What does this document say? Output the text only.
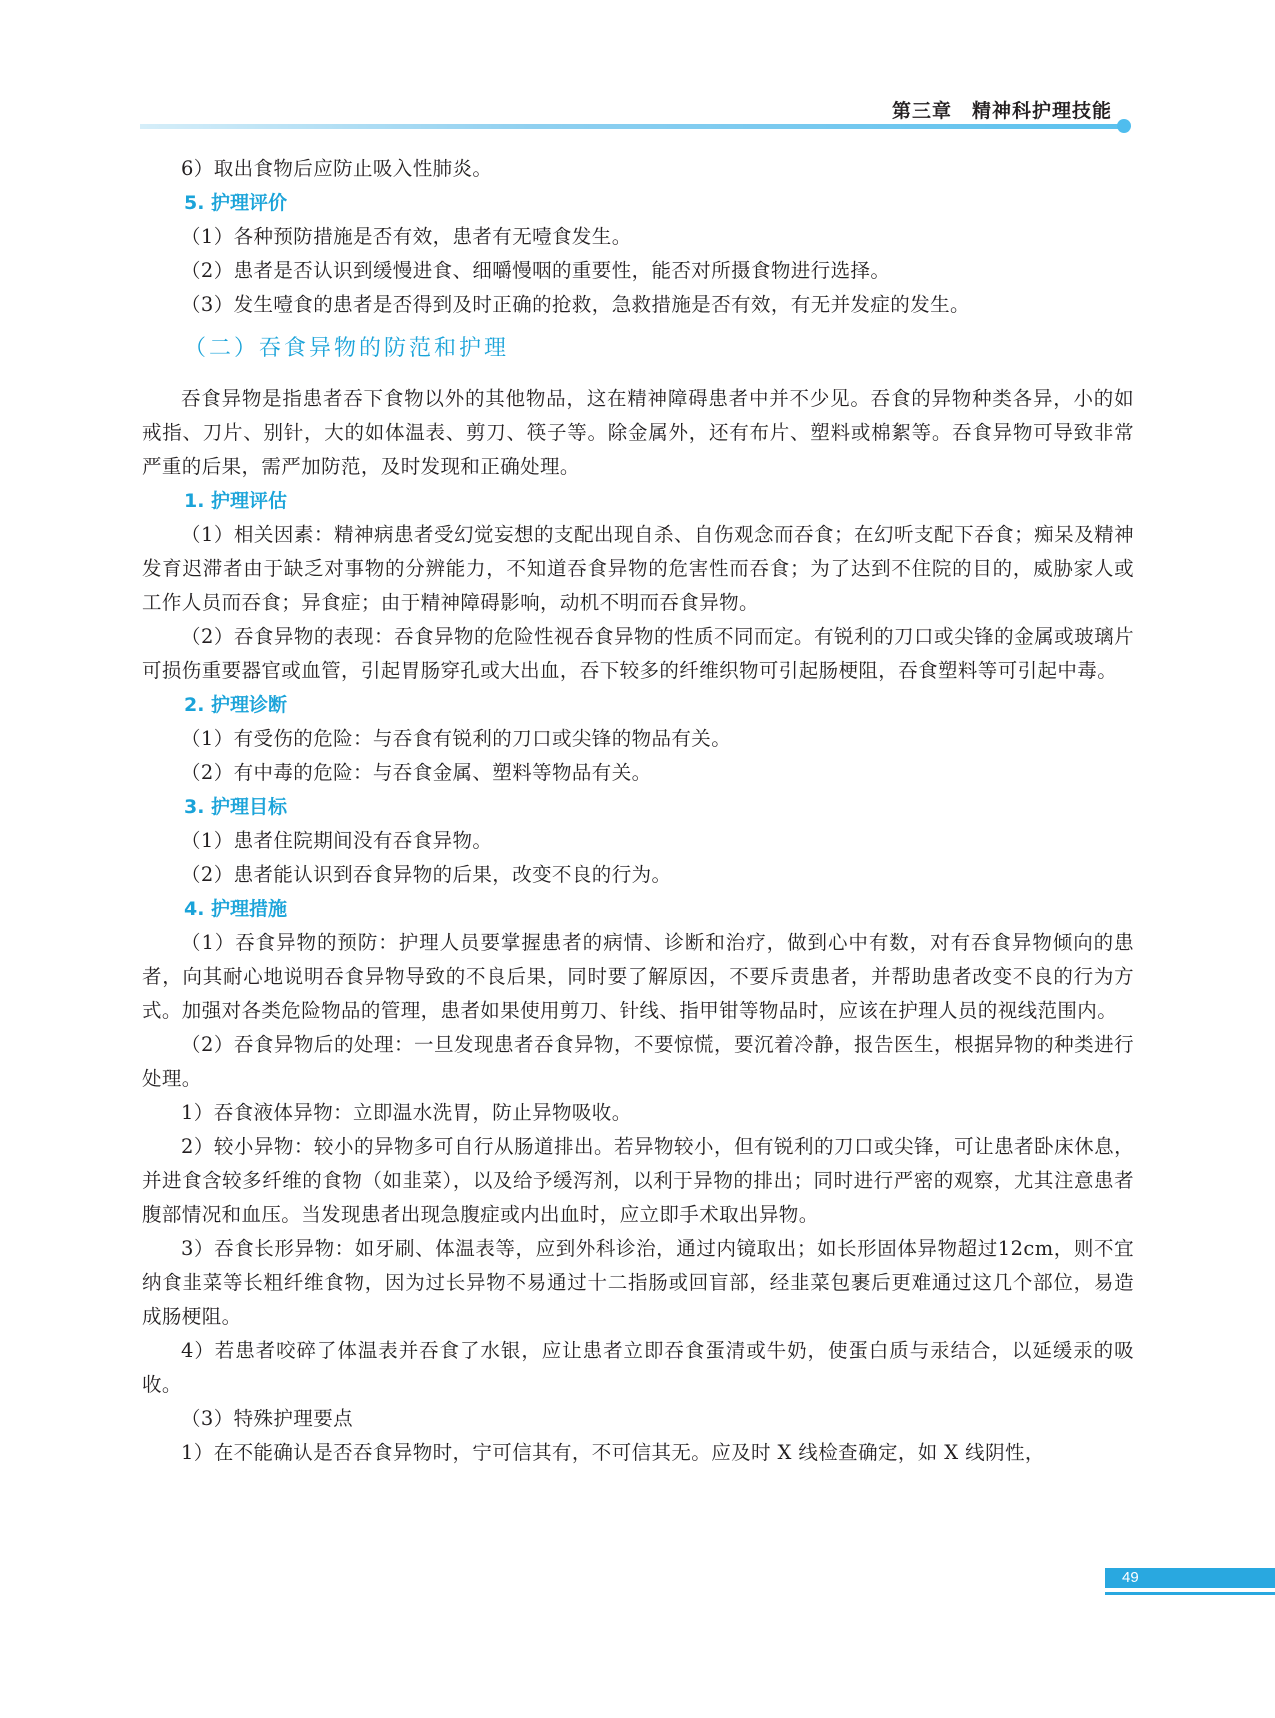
第三章　精神科护理技能

6）取出食物后应防止吸入性肺炎。

5. 护理评价

（1）各种预防措施是否有效，患者有无噎食发生。

（2）患者是否认识到缓慢进食、细嚼慢咽的重要性，能否对所摄食物进行选择。

（3）发生噎食的患者是否得到及时正确的抢救，急救措施是否有效，有无并发症的发生。

（二）吞食异物的防范和护理

吞食异物是指患者吞下食物以外的其他物品，这在精神障碍患者中并不少见。吞食的异物种类各异，小的如戒指、刀片、别针，大的如体温表、剪刀、筷子等。除金属外，还有布片、塑料或棉絮等。吞食异物可导致非常严重的后果，需严加防范，及时发现和正确处理。

1. 护理评估

（1）相关因素：精神病患者受幻觉妄想的支配出现自杀、自伤观念而吞食；在幻听支配下吞食；痴呆及精神发育迟滞者由于缺乏对事物的分辨能力，不知道吞食异物的危害性而吞食；为了达到不住院的目的，威胁家人或工作人员而吞食；异食症；由于精神障碍影响，动机不明而吞食异物。

（2）吞食异物的表现：吞食异物的危险性视吞食异物的性质不同而定。有锐利的刀口或尖锋的金属或玻璃片可损伤重要器官或血管，引起胃肠穿孔或大出血，吞下较多的纤维织物可引起肠梗阻，吞食塑料等可引起中毒。

2. 护理诊断

（1）有受伤的危险：与吞食有锐利的刀口或尖锋的物品有关。

（2）有中毒的危险：与吞食金属、塑料等物品有关。

3. 护理目标

（1）患者住院期间没有吞食异物。

（2）患者能认识到吞食异物的后果，改变不良的行为。

4. 护理措施

（1）吞食异物的预防：护理人员要掌握患者的病情、诊断和治疗，做到心中有数，对有吞食异物倾向的患者，向其耐心地说明吞食异物导致的不良后果，同时要了解原因，不要斥责患者，并帮助患者改变不良的行为方式。加强对各类危险物品的管理，患者如果使用剪刀、针线、指甲钳等物品时，应该在护理人员的视线范围内。

（2）吞食异物后的处理：一旦发现患者吞食异物，不要惊慌，要沉着冷静，报告医生，根据异物的种类进行处理。

1）吞食液体异物：立即温水洗胃，防止异物吸收。

2）较小异物：较小的异物多可自行从肠道排出。若异物较小，但有锐利的刀口或尖锋，可让患者卧床休息，并进食含较多纤维的食物（如韭菜），以及给予缓泻剂，以利于异物的排出；同时进行严密的观察，尤其注意患者腹部情况和血压。当发现患者出现急腹症或内出血时，应立即手术取出异物。

3）吞食长形异物：如牙刷、体温表等，应到外科诊治，通过内镜取出；如长形固体异物超过12cm，则不宜纳食韭菜等长粗纤维食物，因为过长异物不易通过十二指肠或回盲部，经韭菜包裹后更难通过这几个部位，易造成肠梗阻。

4）若患者咬碎了体温表并吞食了水银，应让患者立即吞食蛋清或牛奶，使蛋白质与汞结合，以延缓汞的吸收。

（3）特殊护理要点

1）在不能确认是否吞食异物时，宁可信其有，不可信其无。应及时 X 线检查确定，如 X 线阴性，

49
